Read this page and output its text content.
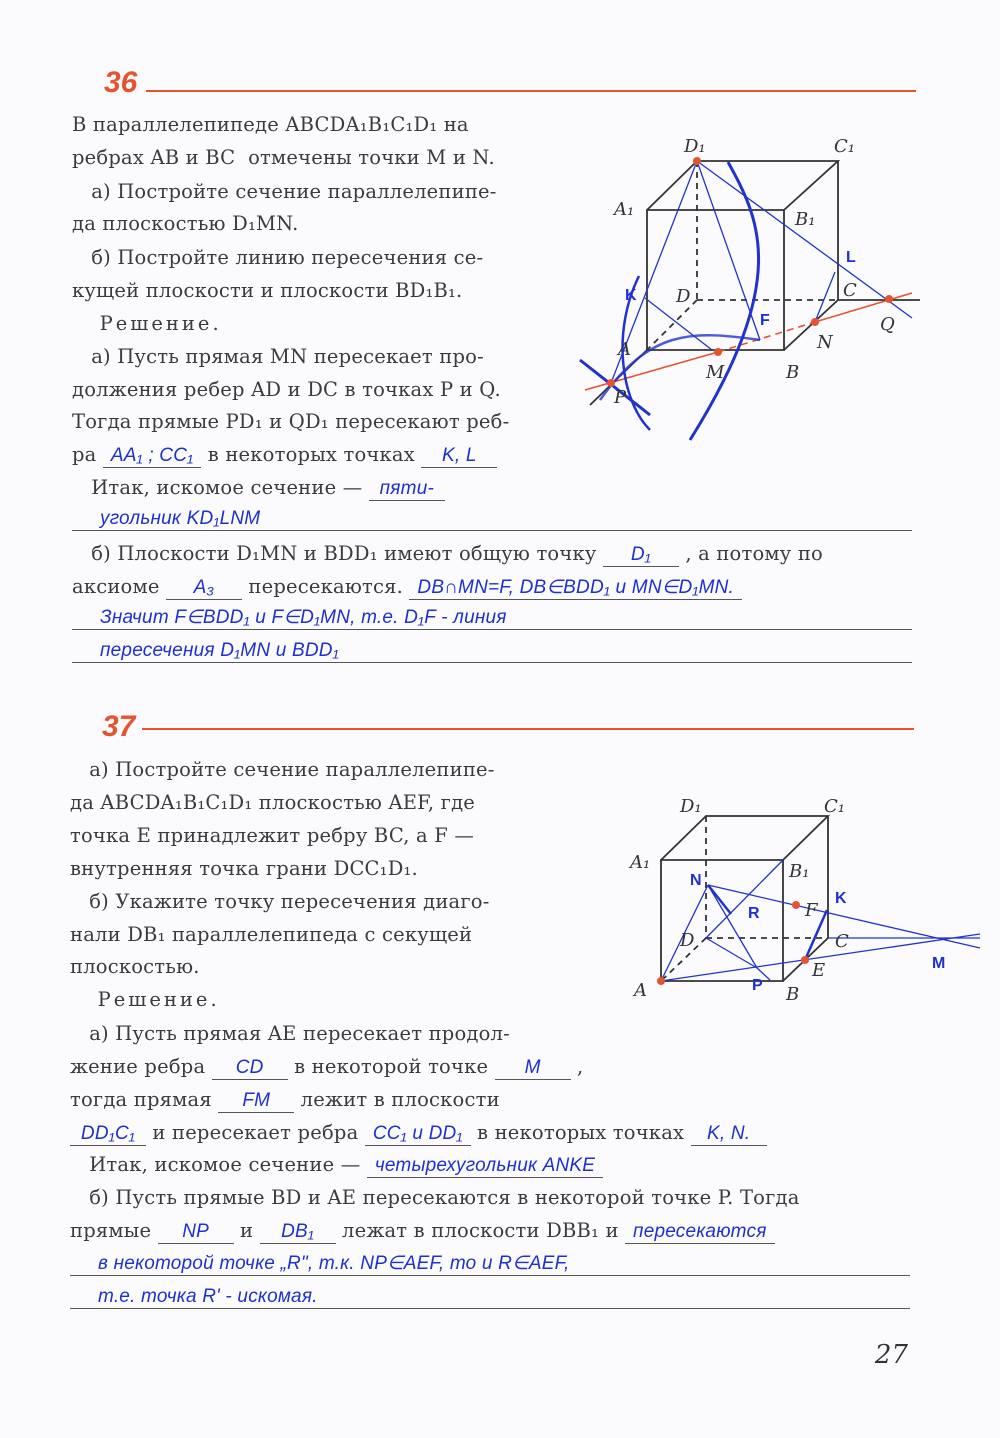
36
37
В параллелепипеде ABCDA₁B₁C₁D₁ на
ребрах AB и BC  отмечены точки M и N.
а) Постройте сечение параллелепипе-
да плоскостью D₁MN.
б) Постройте линию пересечения се-
кущей плоскости и плоскости BD₁B₁.
Решение.
а) Пусть прямая MN пересекает про-
должения ребер AD и DC в точках P и Q.
Тогда прямые PD₁ и QD₁ пересекают реб-
ра AA₁ ; CC₁ в некоторых точках K, L
Итак, искомое сечение — пяти-
угольник KD₁LNM
б) Плоскости D₁MN и BDD₁ имеют общую точку D₁ , а потому по
аксиоме A₃ пересекаются. DB∩MN=F, DB∈BDD₁ и MN∈D₁MN.
Значит F∈BDD₁ и F∈D₁MN, т.е. D₁F - линия
пересечения D₁MN и BDD₁
а) Постройте сечение параллелепипе-
да ABCDA₁B₁C₁D₁ плоскостью AEF, где
точка E принадлежит ребру BC, а F —
внутренняя точка грани DCC₁D₁.
б) Укажите точку пересечения диаго-
нали DB₁ параллелепипеда с секущей
плоскостью.
Решение.
а) Пусть прямая AE пересекает продол-
жение ребра CD в некоторой точке M ,
тогда прямая FM лежит в плоскости
DD₁C₁ и пересекает ребра CC₁ и DD₁ в некоторых точках K, N.
Итак, искомое сечение — четырехугольник ANKE
б) Пусть прямые BD и AE пересекаются в некоторой точке P. Тогда
прямые NP и DB₁ лежат в плоскости DBB₁ и пересекаются
в некоторой точке „R", т.к. NP∈AEF, то и R∈AEF,
т.е. точка R' - искомая.
D₁	C₁
A₁	B₁
D	C
A
B
M
N
P
Q
K
L
F
D₁	C₁
A₁	B₁
D	C
A	B
E
F
N
R
K
P
M
27
